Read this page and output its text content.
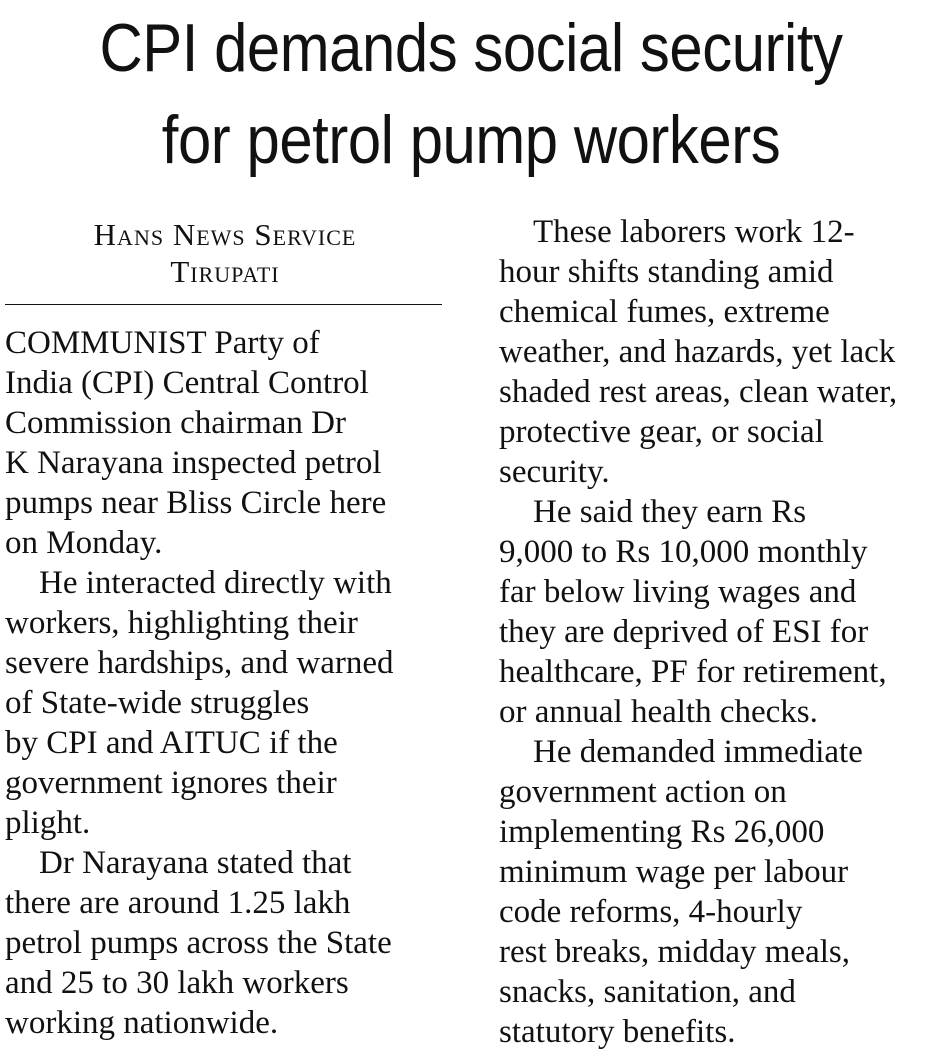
CPI demands social security
for petrol pump workers
Hans News Service
Tirupati
COMMUNIST Party of
India (CPI) Central Control
Commission chairman Dr
K Narayana inspected petrol
pumps near Bliss Circle here
on Monday.
He interacted directly with
workers, highlighting their
severe hardships, and warned
of State-wide struggles
by CPI and AITUC if the
government ignores their
plight.
Dr Narayana stated that
there are around 1.25 lakh
petrol pumps across the State
and 25 to 30 lakh workers
working nationwide.
These laborers work 12-
hour shifts standing amid
chemical fumes, extreme
weather, and hazards, yet lack
shaded rest areas, clean water,
protective gear, or social
security.
He said they earn Rs
9,000 to Rs 10,000 monthly
far below living wages and
they are deprived of ESI for
healthcare, PF for retirement,
or annual health checks.
He demanded immediate
government action on
implementing Rs 26,000
minimum wage per labour
code reforms, 4-hourly
rest breaks, midday meals,
snacks, sanitation, and
statutory benefits.
